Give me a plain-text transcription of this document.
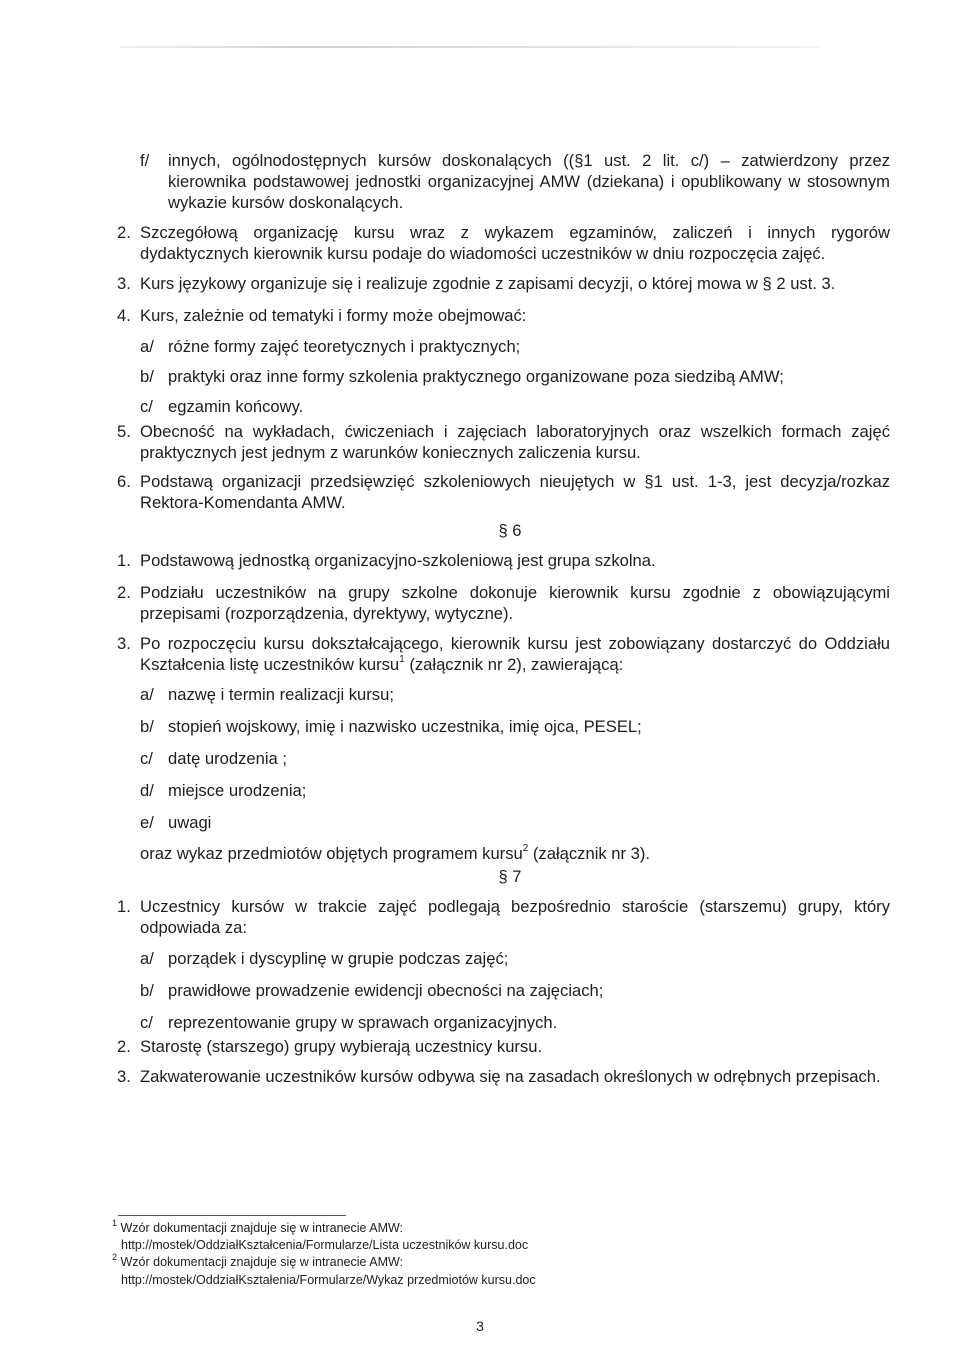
f/ innych, ogólnodostępnych kursów doskonalących ((§1 ust. 2 lit. c/) – zatwierdzony przez kierownika podstawowej jednostki organizacyjnej AMW (dziekana) i opublikowany w stosownym wykazie kursów doskonalących.
2. Szczegółową organizację kursu wraz z wykazem egzaminów, zaliczeń i innych rygorów dydaktycznych kierownik kursu podaje do wiadomości uczestników w dniu rozpoczęcia zajęć.
3. Kurs językowy organizuje się i realizuje zgodnie z zapisami decyzji, o której mowa w § 2 ust. 3.
4. Kurs, zależnie od tematyki i formy może obejmować:
a/ różne formy zajęć teoretycznych i praktycznych;
b/ praktyki oraz inne formy szkolenia praktycznego organizowane poza siedzibą AMW;
c/ egzamin końcowy.
5. Obecność na wykładach, ćwiczeniach i zajęciach laboratoryjnych oraz wszelkich formach zajęć praktycznych jest jednym z warunków koniecznych zaliczenia kursu.
6. Podstawą organizacji przedsięwzięć szkoleniowych nieujętych w §1 ust. 1-3, jest decyzja/rozkaz Rektora-Komendanta AMW.
§ 6
1. Podstawową jednostką organizacyjno-szkoleniową jest grupa szkolna.
2. Podziału uczestników na grupy szkolne dokonuje kierownik kursu zgodnie z obowiązującymi przepisami (rozporządzenia, dyrektywy, wytyczne).
3. Po rozpoczęciu kursu dokształcającego, kierownik kursu jest zobowiązany dostarczyć do Oddziału Kształcenia listę uczestników kursu$^1$ (załącznik nr 2), zawierającą:
a/ nazwę i termin realizacji kursu;
b/ stopień wojskowy, imię i nazwisko uczestnika, imię ojca, PESEL;
c/ datę urodzenia ;
d/ miejsce urodzenia;
e/ uwagi
oraz wykaz przedmiotów objętych programem kursu$^2$ (załącznik nr 3).
§ 7
1. Uczestnicy kursów w trakcie zajęć podlegają bezpośrednio staroście (starszemu) grupy, który odpowiada za:
a/ porządek i dyscyplinę w grupie podczas zajęć;
b/ prawidłowe prowadzenie ewidencji obecności na zajęciach;
c/ reprezentowanie grupy w sprawach organizacyjnych.
2. Starostę (starszego) grupy wybierają uczestnicy kursu.
3. Zakwaterowanie uczestników kursów odbywa się na zasadach określonych w odrębnych przepisach.
$^1$ Wzór dokumentacji znajduje się w intranecie AMW:
http://mostek/OddziałKształcenia/Formularze/Lista uczestników kursu.doc
$^2$ Wzór dokumentacji znajduje się w intranecie AMW:
http://mostek/OddziałKształenia/Formularze/Wykaz przedmiotów kursu.doc
3
